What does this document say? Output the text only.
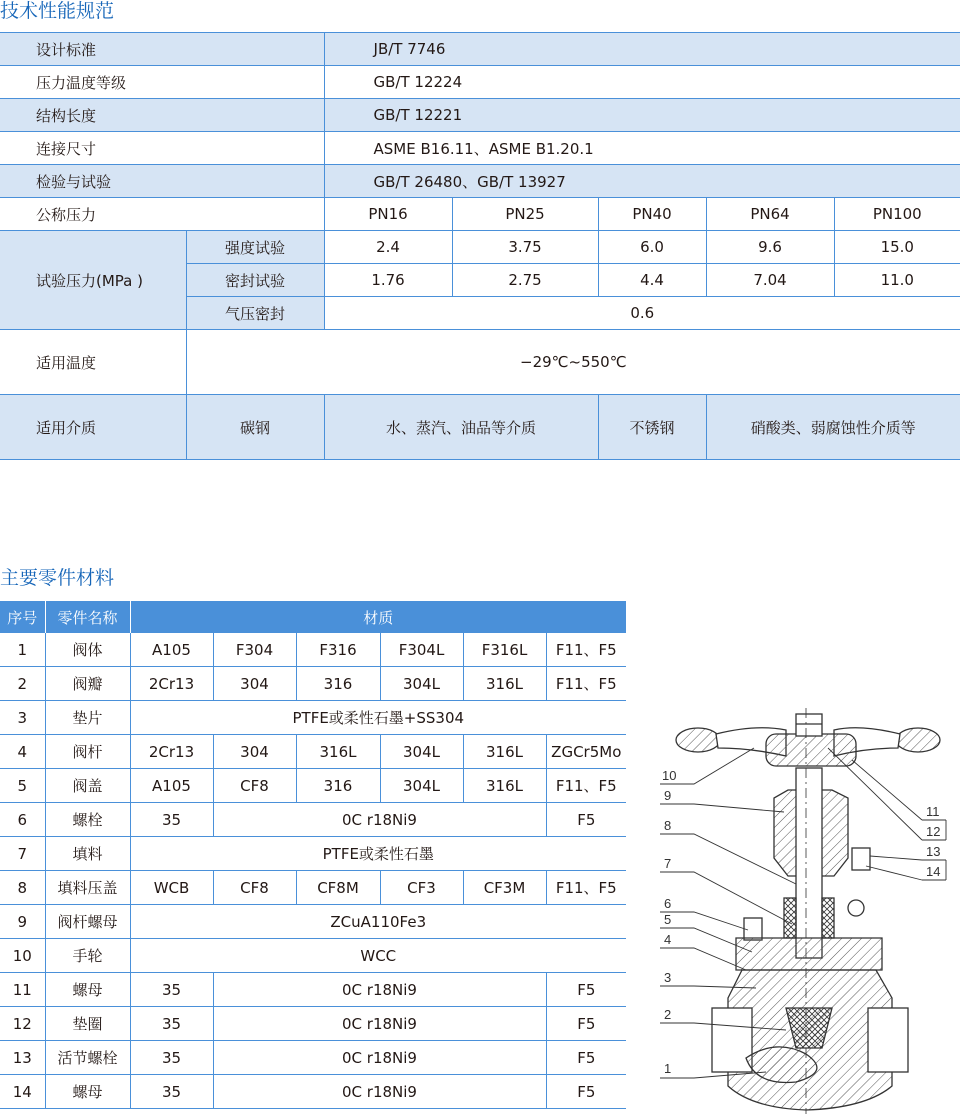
技术性能规范
设计标准		JB/T 7746				
压力温度等级		GB/T 12224				
结构长度		GB/T 12221				
连接尺寸		ASME B16.11、ASME B1.20.1				
检验与试验		GB/T 26480、GB/T 13927				
公称压力		PN16	PN25	PN40	PN64	PN100
试验压力(MPa )	强度试验	2.4	3.75	6.0	9.6	15.0
	密封试验	1.76	2.75	4.4	7.04	11.0
	气压密封	0.6				
适用温度	−29℃~550℃					
适用介质	碳钢	水、蒸汽、油品等介质		不锈钢	硝酸类、弱腐蚀性介质等	
主要零件材料
序号	零件名称	材质					
1	阀体	A105	F304	F316	F304L	F316L	F11、F5
2	阀瓣	2Cr13	304	316	304L	316L	F11、F5
3	垫片	PTFE或柔性石墨+SS304					
4	阀杆	2Cr13	304	316L	304L	316L	ZGCr5Mo
5	阀盖	A105	CF8	316	304L	316L	F11、F5
6	螺栓	35	0C r18Ni9				F5
7	填料	PTFE或柔性石墨					
8	填料压盖	WCB	CF8	CF8M	CF3	CF3M	F11、F5
9	阀杆螺母	ZCuA110Fe3					
10	手轮	WCC					
11	螺母	35	0C r18Ni9				F5
12	垫圈	35	0C r18Ni9				F5
13	活节螺栓	35	0C r18Ni9				F5
14	螺母	35	0C r18Ni9				F5
1
2
3
4
5
6
7
8
9
10
11
12
13
14
